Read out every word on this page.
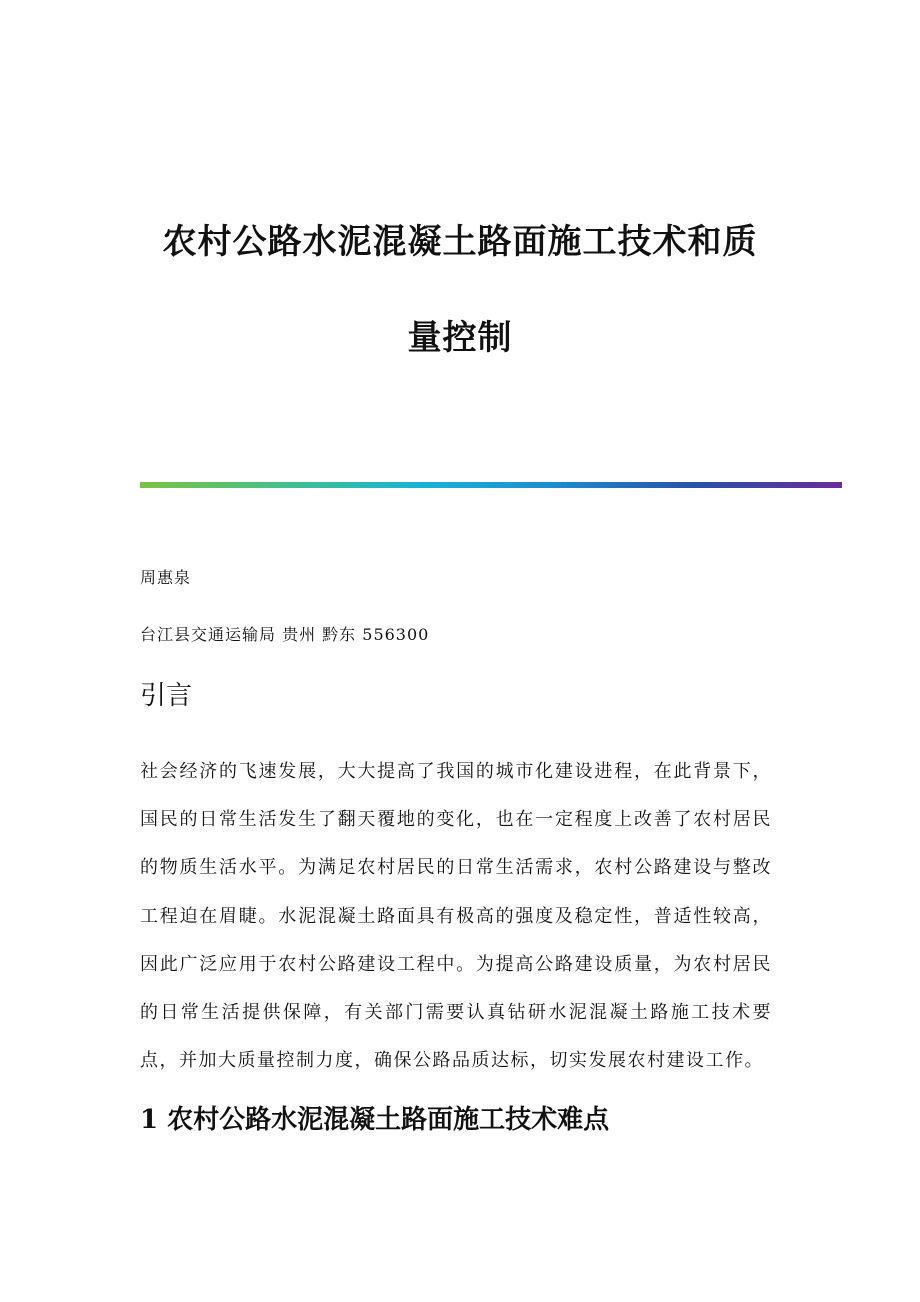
农村公路水泥混凝土路面施工技术和质
量控制
周惠泉
台江县交通运输局 贵州 黔东 556300
引言
社会经济的飞速发展，大大提高了我国的城市化建设进程，在此背景下，国民的日常生活发生了翻天覆地的变化，也在一定程度上改善了农村居民的物质生活水平。为满足农村居民的日常生活需求，农村公路建设与整改工程迫在眉睫。水泥混凝土路面具有极高的强度及稳定性，普适性较高，因此广泛应用于农村公路建设工程中。为提高公路建设质量，为农村居民的日常生活提供保障，有关部门需要认真钻研水泥混凝土路施工技术要点，并加大质量控制力度，确保公路品质达标，切实发展农村建设工作。
1 农村公路水泥混凝土路面施工技术难点
